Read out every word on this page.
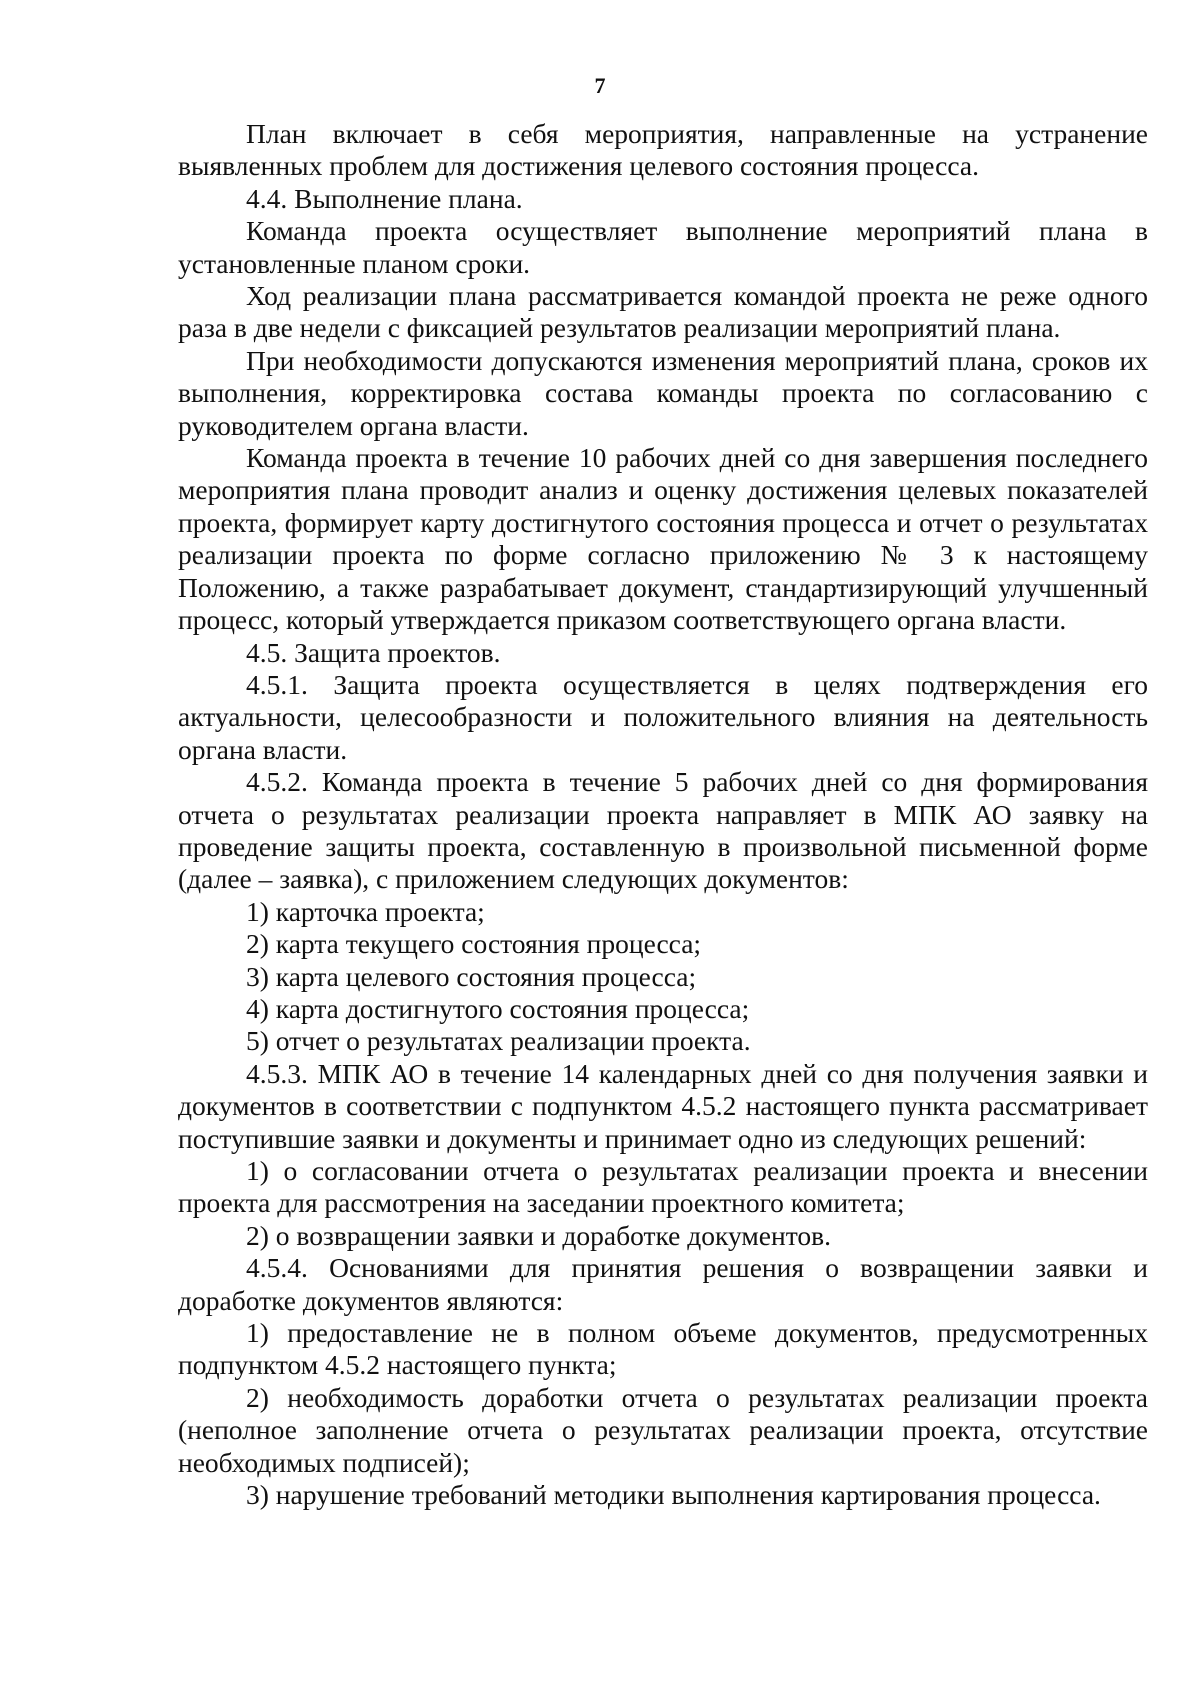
7

План включает в себя мероприятия, направленные на устранение выявленных проблем для достижения целевого состояния процесса.

4.4. Выполнение плана.

Команда проекта осуществляет выполнение мероприятий плана в установленные планом сроки.

Ход реализации плана рассматривается командой проекта не реже одного раза в две недели с фиксацией результатов реализации мероприятий плана.

При необходимости допускаются изменения мероприятий плана, сроков их выполнения, корректировка состава команды проекта по согласованию с руководителем органа власти.

Команда проекта в течение 10 рабочих дней со дня завершения последнего мероприятия плана проводит анализ и оценку достижения целевых показателей проекта, формирует карту достигнутого состояния процесса и отчет о результатах реализации проекта по форме согласно приложению № 3 к настоящему Положению, а также разрабатывает документ, стандартизирующий улучшенный процесс, который утверждается приказом соответствующего органа власти.

4.5. Защита проектов.

4.5.1. Защита проекта осуществляется в целях подтверждения его актуальности, целесообразности и положительного влияния на деятельность органа власти.

4.5.2. Команда проекта в течение 5 рабочих дней со дня формирования отчета о результатах реализации проекта направляет в МПК АО заявку на проведение защиты проекта, составленную в произвольной письменной форме (далее – заявка), с приложением следующих документов:

1) карточка проекта;

2) карта текущего состояния процесса;

3) карта целевого состояния процесса;

4) карта достигнутого состояния процесса;

5) отчет о результатах реализации проекта.

4.5.3. МПК АО в течение 14 календарных дней со дня получения заявки и документов в соответствии с подпунктом 4.5.2 настоящего пункта рассматривает поступившие заявки и документы и принимает одно из следующих решений:

1) о согласовании отчета о результатах реализации проекта и внесении проекта для рассмотрения на заседании проектного комитета;

2) о возвращении заявки и доработке документов.

4.5.4. Основаниями для принятия решения о возвращении заявки и доработке документов являются:

1) предоставление не в полном объеме документов, предусмотренных подпунктом 4.5.2 настоящего пункта;

2) необходимость доработки отчета о результатах реализации проекта (неполное заполнение отчета о результатах реализации проекта, отсутствие необходимых подписей);

3) нарушение требований методики выполнения картирования процесса.
